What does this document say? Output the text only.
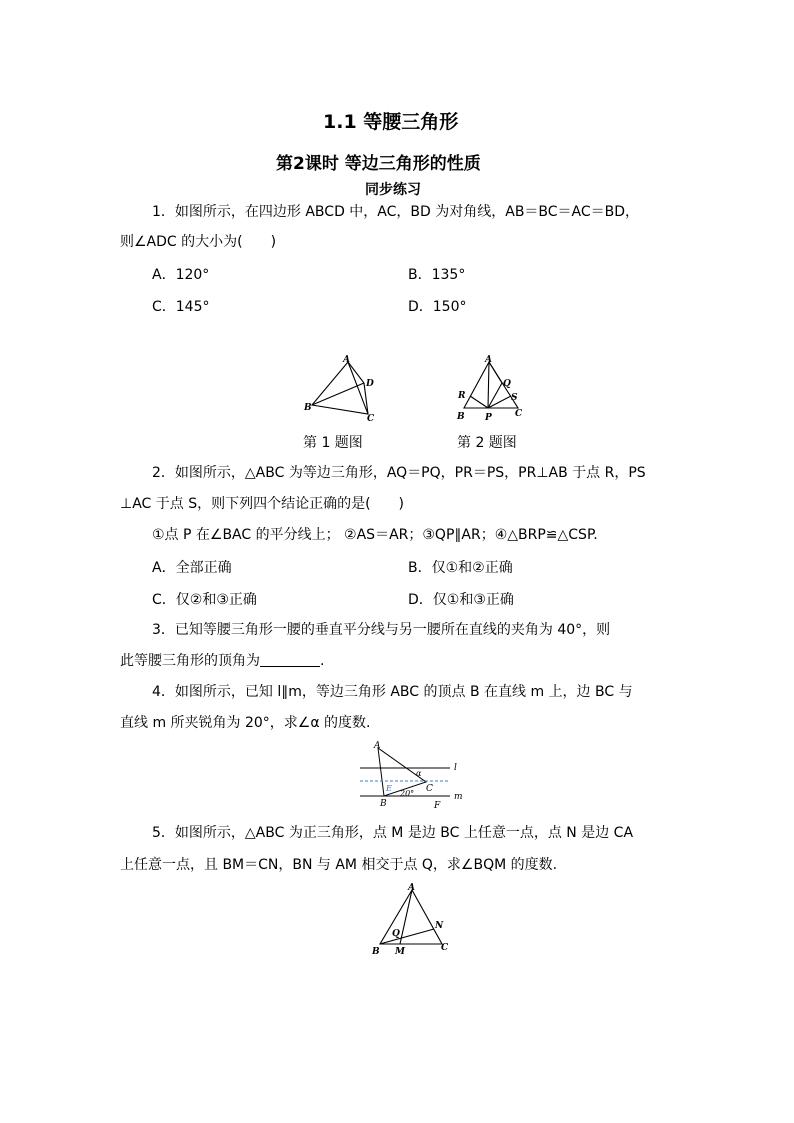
1.1 等腰三角形
第2课时 等边三角形的性质
同步练习
1．如图所示，在四边形 ABCD 中，AC，BD 为对角线，AB＝BC＝AC＝BD，
则∠ADC 的大小为(　　)
A．120°	B．135°
C．145°	D．150°
A
B
C
D
A
B	C
P
Q
R	S
第 1 题图	第 2 题图
2．如图所示，△ABC 为等边三角形，AQ＝PQ，PR＝PS，PR⊥AB 于点 R，PS
⊥AC 于点 S，则下列四个结论正确的是(　　)
①点 P 在∠BAC 的平分线上； ②AS＝AR；③QP∥AR；④△BRP≌△CSP.
A．全部正确	B．仅①和②正确
C．仅②和③正确	D．仅①和③正确
3．已知等腰三角形一腰的垂直平分线与另一腰所在直线的夹角为 40°，则
此等腰三角形的顶角为	.
4．如图所示，已知 l∥m，等边三角形 ABC 的顶点 B 在直线 m 上，边 BC 与
直线 m 所夹锐角为 20°，求∠α 的度数.
A
B
C
E
F
l
m
α
20°
5．如图所示，△ABC 为正三角形，点 M 是边 BC 上任意一点，点 N 是边 CA
上任意一点，且 BM＝CN，BN 与 AM 相交于点 Q，求∠BQM 的度数.
A
B	C
M
N
Q
